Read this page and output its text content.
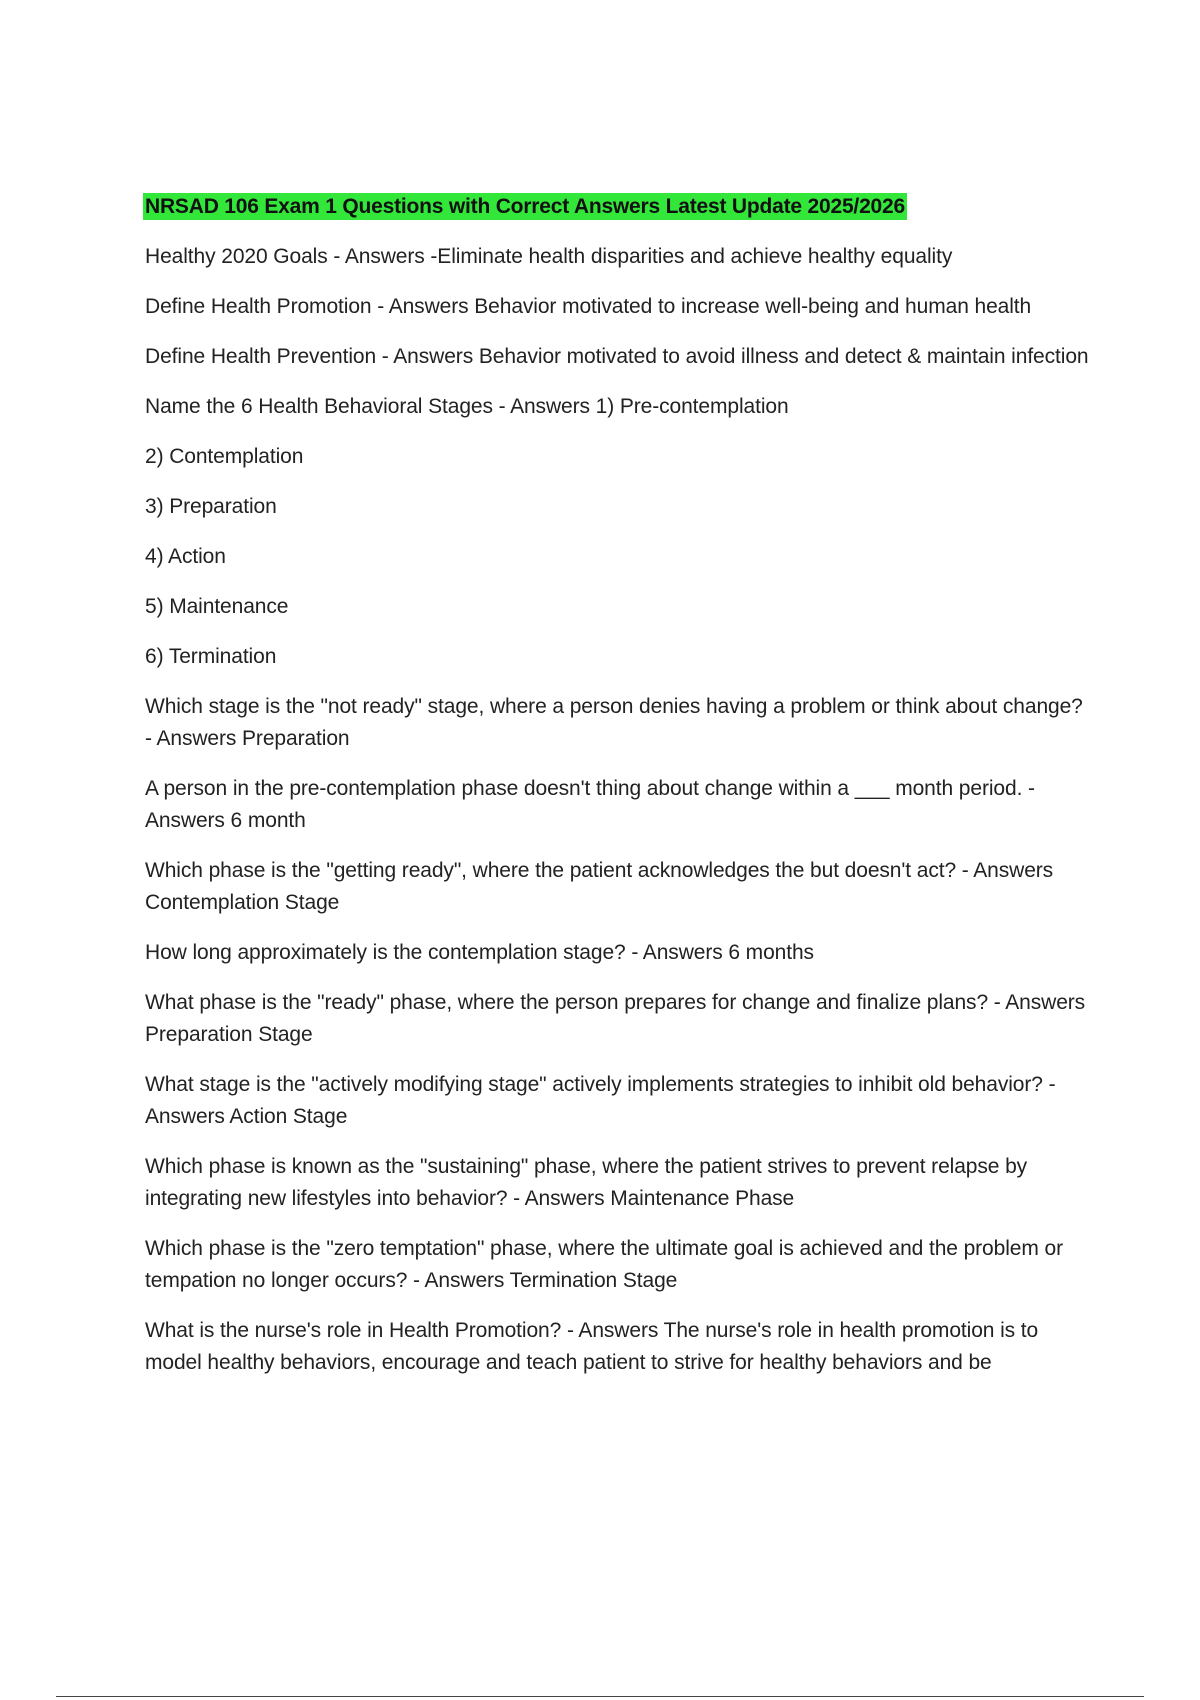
NRSAD 106 Exam 1 Questions with Correct Answers Latest Update 2025/2026

Healthy 2020 Goals - Answers -Eliminate health disparities and achieve healthy equality

Define Health Promotion - Answers Behavior motivated to increase well-being and human health

Define Health Prevention - Answers Behavior motivated to avoid illness and detect & maintain infection

Name the 6 Health Behavioral Stages - Answers 1) Pre-contemplation

2) Contemplation

3) Preparation

4) Action

5) Maintenance

6) Termination

Which stage is the "not ready" stage, where a person denies having a problem or think about change? - Answers Preparation

A person in the pre-contemplation phase doesn't thing about change within a ___ month period. - Answers 6 month

Which phase is the "getting ready", where the patient acknowledges the but doesn't act? - Answers Contemplation Stage

How long approximately is the contemplation stage? - Answers 6 months

What phase is the "ready" phase, where the person prepares for change and finalize plans? - Answers Preparation Stage

What stage is the "actively modifying stage" actively implements strategies to inhibit old behavior? - Answers Action Stage

Which phase is known as the "sustaining" phase, where the patient strives to prevent relapse by integrating new lifestyles into behavior? - Answers Maintenance Phase

Which phase is the "zero temptation" phase, where the ultimate goal is achieved and the problem or tempation no longer occurs? - Answers Termination Stage

What is the nurse's role in Health Promotion? - Answers The nurse's role in health promotion is to model healthy behaviors, encourage and teach patient to strive for healthy behaviors and be
